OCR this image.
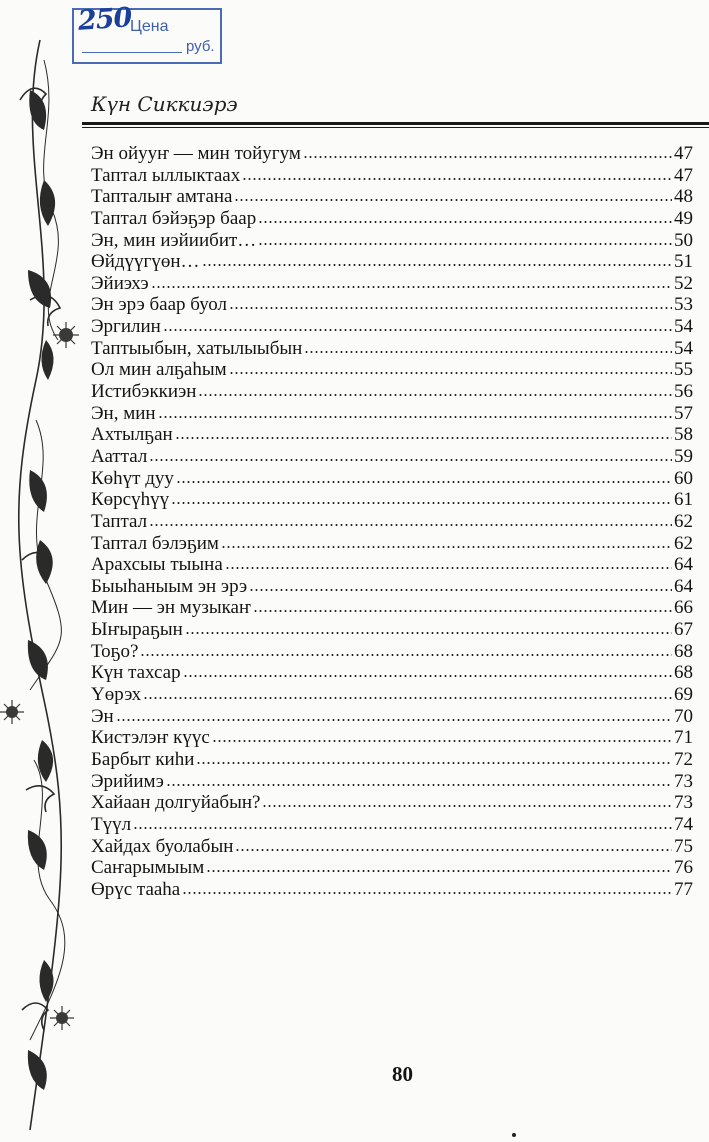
250
Цена
руб.
Күн Сиккиэрэ
Эн ойууҥ — мин тойугум	47
Таптал ыллыктаах	47
Тапталыҥ амтана	48
Таптал бэйэҕэр баар	49
Эн, мин иэйиибит…	50
Өйдүүгүөн…	51
Эйиэхэ	52
Эн эрэ баар буол	53
Эргилин	54
Таптыыбын, хатылыыбын	54
Ол мин алҕаһым	55
Истибэккиэн	56
Эн, мин	57
Ахтылҕан	58
Ааттал	59
Көһүт дуу	60
Көрсүһүү	61
Таптал	62
Таптал бэлэҕим	62
Арахсыы тыына	64
Быыһаныым эн эрэ	64
Мин — эн музыкаҥ	66
Ыҥыраҕын	67
Тоҕо?	68
Күн тахсар	68
Үөрэх	69
Эн	70
Кистэлэҥ күүс	71
Барбыт киһи	72
Эрийимэ	73
Хайаан долгуйабын?	73
Түүл	74
Хайдах буолабын	75
Саҥарымыым	76
Өрүс тааһа	77
80
